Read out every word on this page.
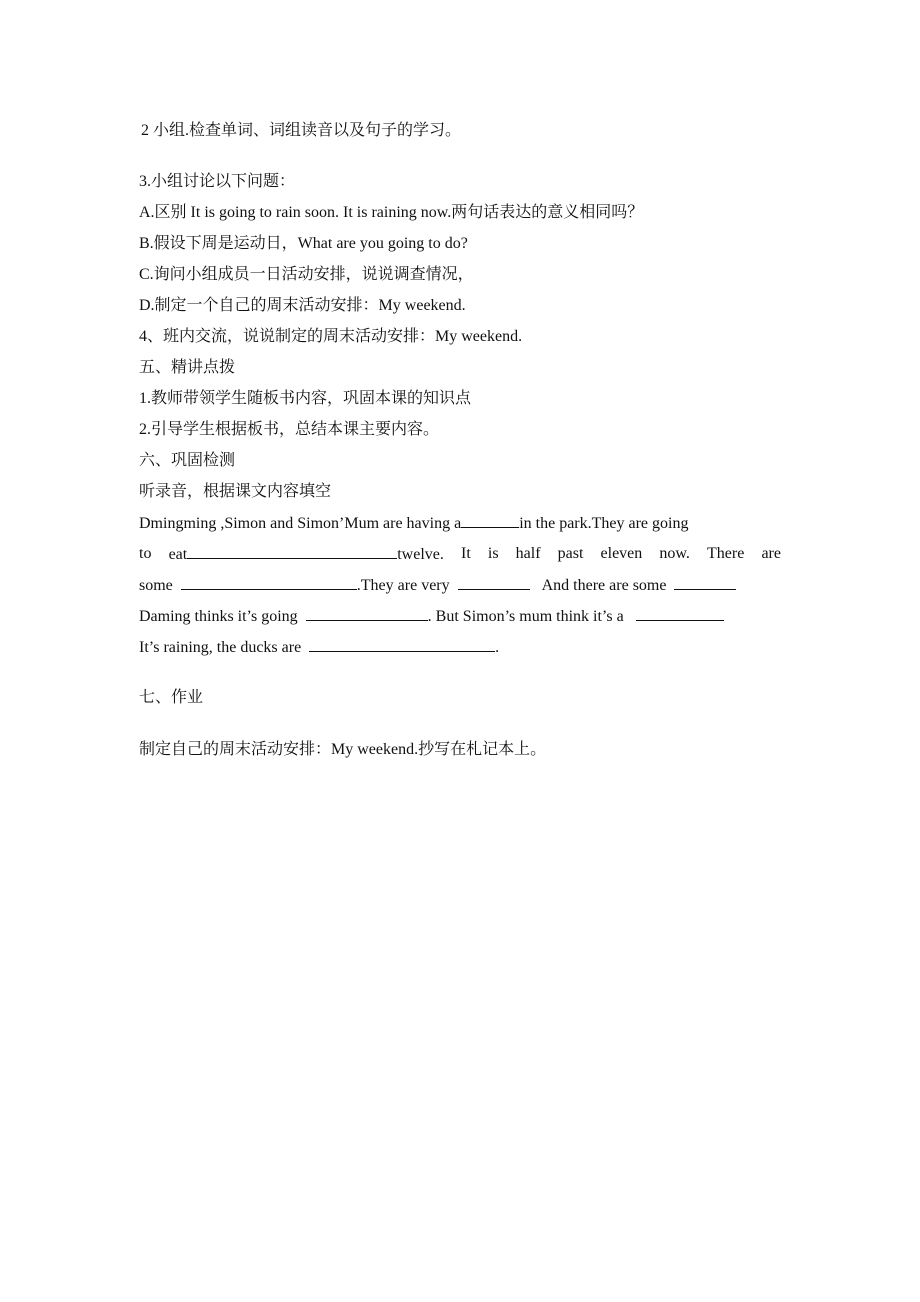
2 小组.检查单词、词组读音以及句子的学习。
3.小组讨论以下问题：
A.区别 It is going to rain soon. It is raining now.两句话表达的意义相同吗？
B.假设下周是运动日，What are you going to do?
C.询问小组成员一日活动安排，说说调查情况，
D.制定一个自己的周末活动安排：My weekend.
4、班内交流，说说制定的周末活动安排：My weekend.
五、精讲点拨
1.教师带领学生随板书内容，巩固本课的知识点
2.引导学生根据板书，总结本课主要内容。
六、巩固检测
听录音，根据课文内容填空
Dmingming ,Simon and Simon’Mum are having a	in the park.They are going
to eat	twelve. It is half past eleven now. There are
some	.They are very	And there are some
Daming thinks it’s going	. But Simon’s mum think it’s a
It’s raining, the ducks are	.
七、作业
制定自己的周末活动安排：My weekend.抄写在札记本上。
